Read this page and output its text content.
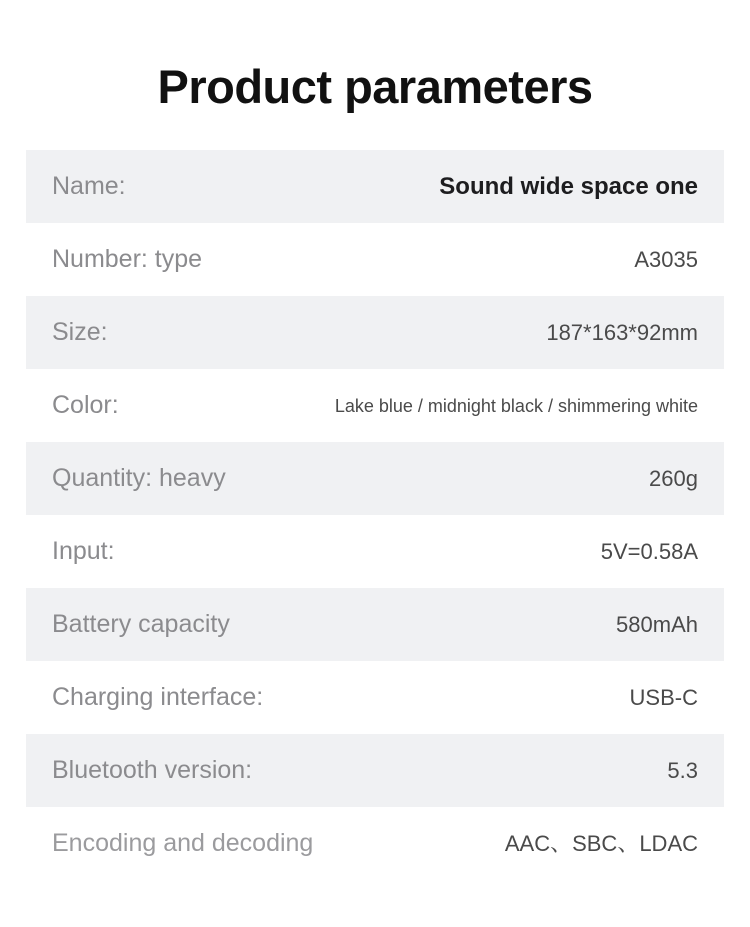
Product parameters
Name:	Sound wide space one
Number: type	A3035
Size:	187*163*92mm
Color:	Lake blue / midnight black / shimmering white
Quantity: heavy	260g
Input:	5V=0.58A
Battery capacity	580mAh
Charging interface:	USB-C
Bluetooth version:	5.3
Encoding and decoding	AAC、SBC、LDAC
